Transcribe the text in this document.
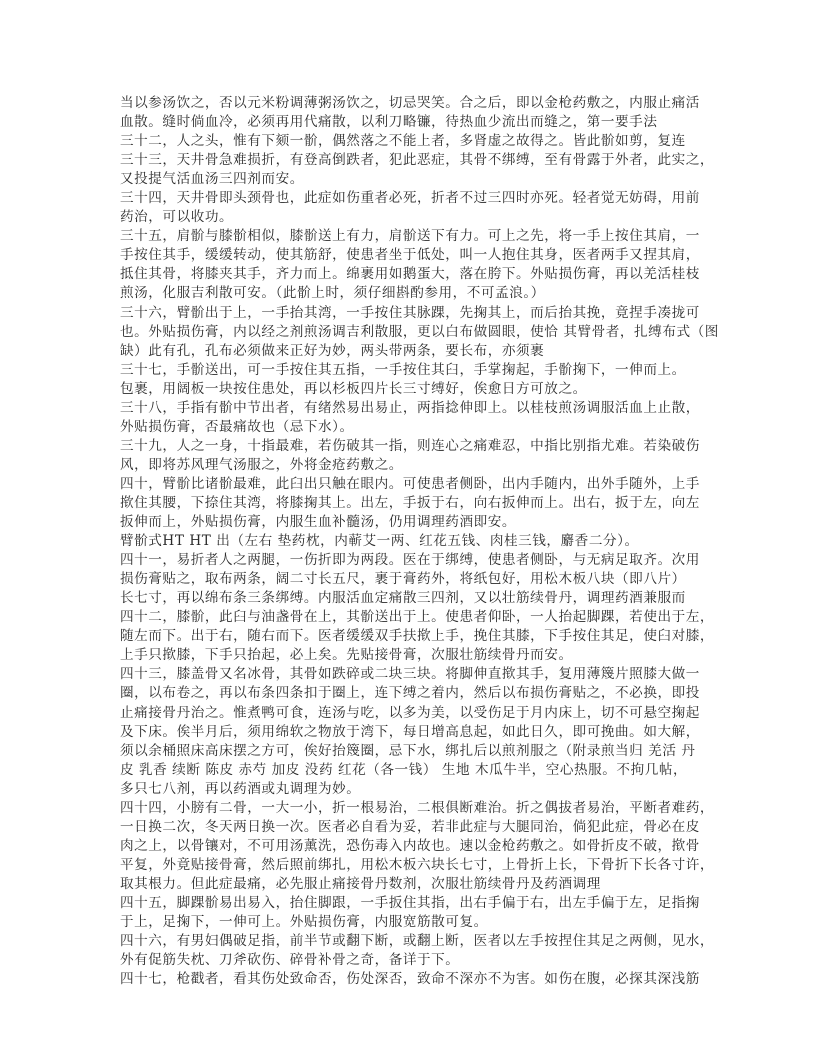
当以参汤饮之，否以元米粉调薄粥汤饮之，切忌哭笑。合之后，即以金枪药敷之，内服止痛活
血散。缝时倘血冷，必须再用代痛散，以利刀略镰，待热血少流出而缝之，第一要手法
三十二，人之头，惟有下颏一骱，偶然落之不能上者，多肾虚之故得之。皆此骱如剪，复连
三十三，天井骨急难损折，有登高倒跌者，犯此恶症，其骨不绑缚，至有骨露于外者，此实之，
又投提气活血汤三四剂而安。
三十四，天井骨即头颈骨也，此症如伤重者必死，折者不过三四时亦死。轻者觉无妨碍，用前
药治，可以收功。
三十五，肩骱与膝骱相似，膝骱送上有力，肩骱送下有力。可上之先，将一手上按住其肩，一
手按住其手，缓缓转动，使其筋舒，使患者坐于低处，叫一人抱住其身，医者两手又捏其肩，
抵住其骨，将膝夹其手，齐力而上。绵裹用如鹅蛋大，落在胯下。外贴损伤膏，再以羌活桂枝
煎汤，化服吉利散可安。（此骱上时，须仔细斟酌参用，不可孟浪。）
三十六，臂骱出于上，一手抬其湾，一手按住其脉踝，先掬其上，而后抬其挽，竟捏手凑拢可
也。外贴损伤膏，内以经之剂煎汤调吉利散服，更以白布做圆眼，使恰 其臂骨者，扎缚布式（图
缺）此有孔，孔布必须做来正好为妙，两头带两条，要长布，亦须裹
三十七，手骱送出，可一手按住其五指，一手按住其臼，手掌掬起，手骱掬下，一伸而上。
包裹，用阔板一块按住患处，再以杉板四片长三寸缚好，俟愈日方可放之。
三十八，手指有骱中节出者，有绪然易出易止，两指捻伸即上。以桂枝煎汤调服活血上止散，
外贴损伤膏，否最痛故也（忌下水）。
三十九，人之一身，十指最难，若伤破其一指，则连心之痛难忍，中指比别指尤难。若染破伤
风，即将苏风理气汤服之，外将金疮药敷之。
四十，臂骱比诸骱最难，此臼出只触在眼内。可使患者侧卧，出内手随内，出外手随外，上手
揿住其腰，下捺住其湾，将膝掬其上。出左，手扳于右，向右扳伸而上。出右，扳于左，向左
扳伸而上，外贴损伤膏，内服生血补髓汤，仍用调理药酒即安。
臂骱式HT HT 出（左右 垫药枕，内蕲艾一两、红花五钱、肉桂三钱，麝香二分）。
四十一，易折者人之两腿，一伤折即为两段。医在于绑缚，使患者侧卧，与无病足取齐。次用
损伤膏贴之，取布两条，阔二寸长五尺，裹于膏药外，将纸包好，用松木板八块（即八片）
长七寸，再以绵布条三条绑缚。内服活血定痛散三四剂，又以壮筋续骨丹，调理药酒兼服而
四十二，膝骱，此臼与油盏骨在上，其骱送出于上。使患者仰卧，一人抬起脚踝，若使出于左，
随左而下。出于右，随右而下。医者缓缓双手扶揿上手，挽住其膝，下手按住其足，使臼对膝，
上手只揿膝，下手只抬起，必上矣。先贴接骨膏，次服壮筋续骨丹而安。
四十三，膝盖骨又名冰骨，其骨如跌碎或二块三块。将脚伸直揿其手，复用薄篾片照膝大做一
圈，以布卷之，再以布条四条扣于圈上，连下缚之着内，然后以布损伤膏贴之，不必换，即投
止痛接骨丹治之。惟煮鸭可食，连汤与吃，以多为美，以受伤足于月内床上，切不可悬空掬起
及下床。俟半月后，须用绵软之物放于湾下，每日增高息起，如此日久，即可挽曲。如大解，
须以余桶照床高床摆之方可，俟好抬篾圈，忌下水，绑扎后以煎剂服之（附录煎当归 羌活 丹
皮 乳香 续断 陈皮 赤芍 加皮 没药 红花（各一钱） 生地 木瓜牛半，空心热服。不拘几帖，
多只七八剂，再以药酒或丸调理为妙。
四十四，小膀有二骨，一大一小，折一根易治，二根俱断难治。折之偶拔者易治，平断者难药，
一日换二次，冬天两日换一次。医者必自看为妥，若非此症与大腿同治，倘犯此症，骨必在皮
肉之上，以骨镶对，不可用汤薰洗，恐伤毒入内故也。速以金枪药敷之。如骨折皮不破，揿骨
平复，外竟贴接骨膏，然后照前绑扎，用松木板六块长七寸，上骨折上长，下骨折下长各寸许，
取其根力。但此症最痛，必先服止痛接骨丹数剂，次服壮筋续骨丹及药酒调理
四十五，脚踝骱易出易入，抬住脚跟，一手扳住其指，出右手偏于右，出左手偏于左，足指掬
于上，足掬下，一伸可上。外贴损伤膏，内服宽筋散可复。
四十六，有男妇偶破足指，前半节或翻下断，或翻上断，医者以左手按捏住其足之两侧，见水，
外有促筋失枕、刀斧砍伤、碎骨补骨之奇，备详于下。
四十七，枪戳者，看其伤处致命否，伤处深否，致命不深亦不为害。如伤在腹，必探其深浅筋
